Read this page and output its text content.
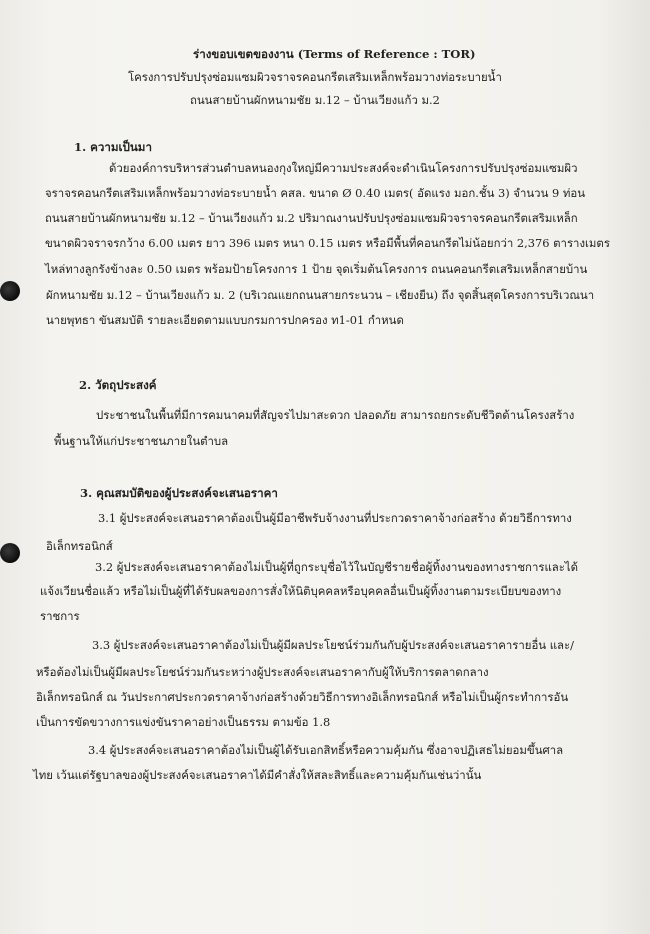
ร่างขอบเขตของงาน (Terms of Reference : TOR)
โครงการปรับปรุงซ่อมแซมผิวจราจรคอนกรีตเสริมเหล็กพร้อมวางท่อระบายน้ำ
ถนนสายบ้านผักหนามชัย ม.12 – บ้านเวียงแก้ว ม.2
1. ความเป็นมา
ด้วยองค์การบริหารส่วนตำบลหนองกุงใหญ่มีความประสงค์จะดำเนินโครงการปรับปรุงซ่อมแซมผิว
จราจรคอนกรีตเสริมเหล็กพร้อมวางท่อระบายน้ำ คสล. ขนาด Ø 0.40 เมตร( อัดแรง มอก.ชั้น 3) จำนวน 9 ท่อน
ถนนสายบ้านผักหนามชัย ม.12 – บ้านเวียงแก้ว ม.2 ปริมาณงานปรับปรุงซ่อมแซมผิวจราจรคอนกรีตเสริมเหล็ก
ขนาดผิวจราจรกว้าง 6.00 เมตร ยาว 396 เมตร หนา 0.15 เมตร หรือมีพื้นที่คอนกรีตไม่น้อยกว่า 2,376 ตารางเมตร
ไหล่ทางลูกรังข้างละ 0.50 เมตร พร้อมป้ายโครงการ 1 ป้าย จุดเริ่มต้นโครงการ ถนนคอนกรีตเสริมเหล็กสายบ้าน
ผักหนามชัย ม.12 – บ้านเวียงแก้ว ม. 2 (บริเวณแยกถนนสายกระนวน – เชียงยืน) ถึง จุดสิ้นสุดโครงการบริเวณนา
นายพุทธา ขันสมบัติ รายละเอียดตามแบบกรมการปกครอง ท1-01 กำหนด
2. วัตถุประสงค์
ประชาชนในพื้นที่มีการคมนาคมที่สัญจรไปมาสะดวก ปลอดภัย สามารถยกระดับชีวิตด้านโครงสร้าง
พื้นฐานให้แก่ประชาชนภายในตำบล
3. คุณสมบัติของผู้ประสงค์จะเสนอราคา
3.1 ผู้ประสงค์จะเสนอราคาต้องเป็นผู้มีอาชีพรับจ้างงานที่ประกวดราคาจ้างก่อสร้าง ด้วยวิธีการทาง
อิเล็กทรอนิกส์
3.2 ผู้ประสงค์จะเสนอราคาต้องไม่เป็นผู้ที่ถูกระบุชื่อไว้ในบัญชีรายชื่อผู้ทิ้งงานของทางราชการและได้
แจ้งเวียนชื่อแล้ว หรือไม่เป็นผู้ที่ได้รับผลของการสั่งให้นิติบุคคลหรือบุคคลอื่นเป็นผู้ทิ้งงานตามระเบียบของทาง
ราชการ
3.3 ผู้ประสงค์จะเสนอราคาต้องไม่เป็นผู้มีผลประโยชน์ร่วมกันกับผู้ประสงค์จะเสนอราคารายอื่น และ/
หรือต้องไม่เป็นผู้มีผลประโยชน์ร่วมกันระหว่างผู้ประสงค์จะเสนอราคากับผู้ให้บริการตลาดกลาง
อิเล็กทรอนิกส์ ณ วันประกาศประกวดราคาจ้างก่อสร้างด้วยวิธีการทางอิเล็กทรอนิกส์ หรือไม่เป็นผู้กระทำการอัน
เป็นการขัดขวางการแข่งขันราคาอย่างเป็นธรรม ตามข้อ 1.8
3.4 ผู้ประสงค์จะเสนอราคาต้องไม่เป็นผู้ได้รับเอกสิทธิ์หรือความคุ้มกัน ซึ่งอาจปฏิเสธไม่ยอมขึ้นศาล
ไทย เว้นแต่รัฐบาลของผู้ประสงค์จะเสนอราคาได้มีคำสั่งให้สละสิทธิ์และความคุ้มกันเช่นว่านั้น
